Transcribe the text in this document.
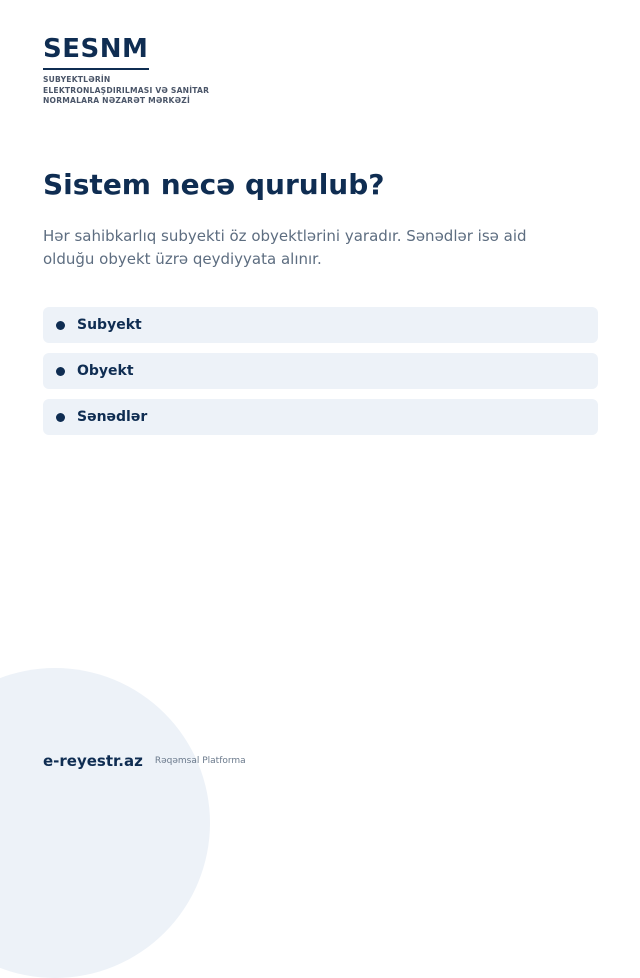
SESNM
SUBYEKTLƏRİN
ELEKTRONLAŞDIRILMASI VƏ SANİTAR
NORMALARA NƏZARƏT MƏRKƏZİ
Sistem necə qurulub?

Hər sahibkarlıq subyekti öz obyektlərini yaradır. Sənədlər isə aid olduğu obyekt üzrə qeydiyyata alınır.

Subyekt
Obyekt
Sənədlər
e-reyestr.az Rəqəmsal Platforma
